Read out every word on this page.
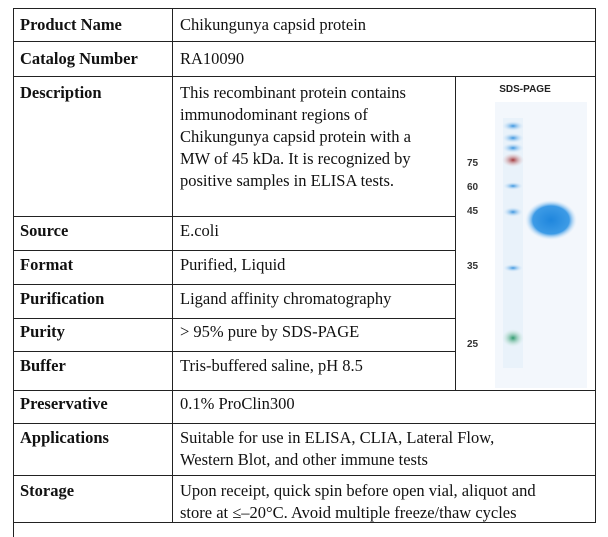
Product Name
Catalog Number
Description
Source
Format
Purification
Purity
Buffer
Preservative
Applications
Storage
Chikungunya capsid protein
RA10090
This recombinant protein contains
immunodominant regions of
Chikungunya capsid protein with a
MW of 45 kDa. It is recognized by
positive samples in ELISA tests.
E.coli
Purified, Liquid
Ligand affinity chromatography
> 95% pure by SDS-PAGE
Tris-buffered saline, pH 8.5
0.1% ProClin300
Suitable for use in ELISA, CLIA, Lateral Flow,
Western Blot, and other immune tests
Upon receipt, quick spin before open vial, aliquot and
store at ≤–20°C. Avoid multiple freeze/thaw cycles
SDS-PAGE
75
60
45
35
25
